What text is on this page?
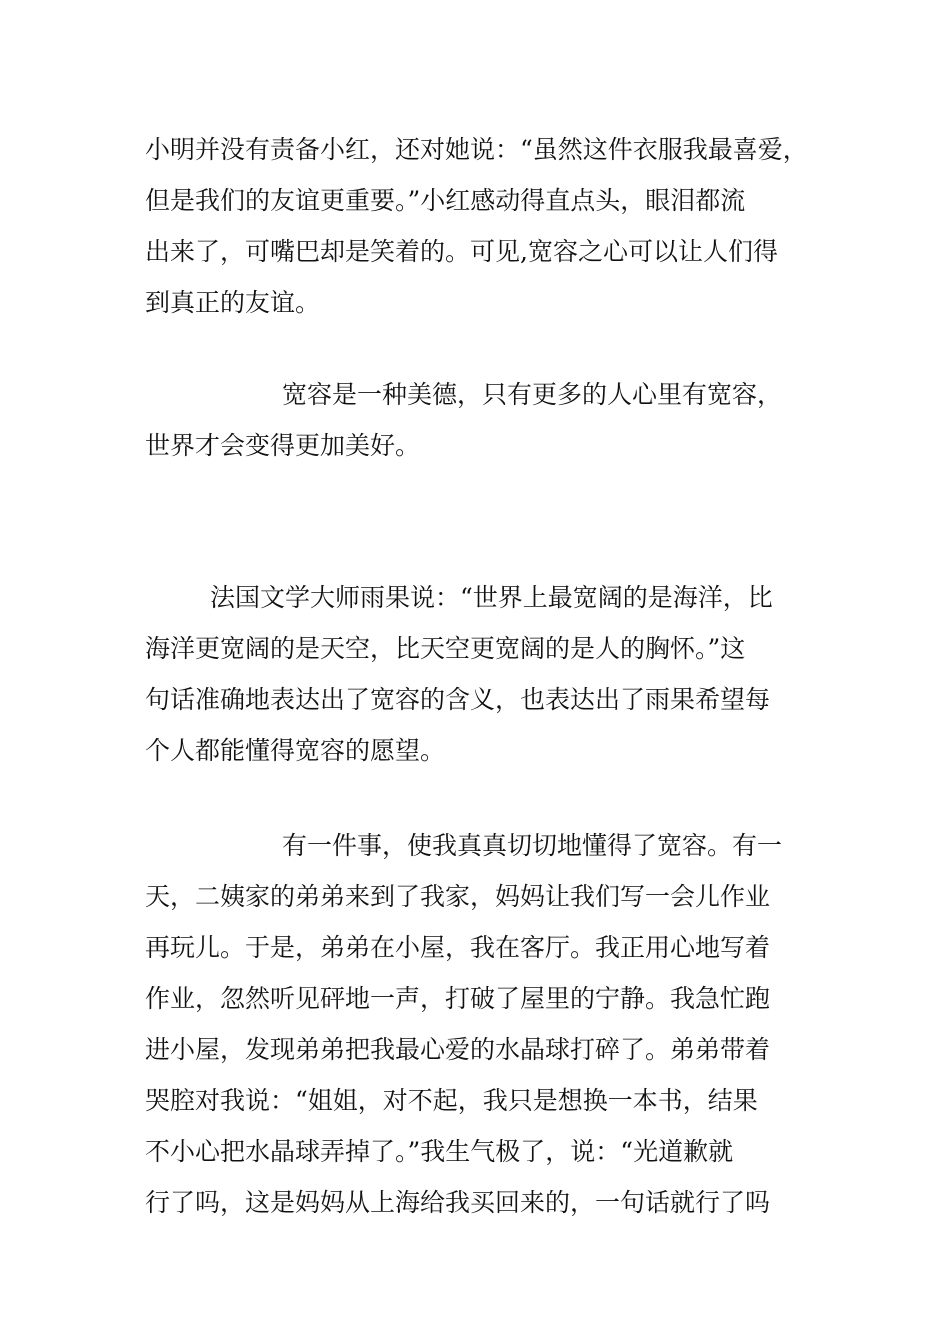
小明并没有责备小红，还对她说：“虽然这件衣服我最喜爱，
但是我们的友谊更重要。”小红感动得直点头，眼泪都流
出来了，可嘴巴却是笑着的。可见,宽容之心可以让人们得
到真正的友谊。
宽容是一种美德，只有更多的人心里有宽容，
世界才会变得更加美好。
法国文学大师雨果说：“世界上最宽阔的是海洋，比
海洋更宽阔的是天空，比天空更宽阔的是人的胸怀。”这
句话准确地表达出了宽容的含义，也表达出了雨果希望每
个人都能懂得宽容的愿望。
有一件事，使我真真切切地懂得了宽容。有一
天，二姨家的弟弟来到了我家，妈妈让我们写一会儿作业
再玩儿。于是，弟弟在小屋，我在客厅。我正用心地写着
作业，忽然听见砰地一声，打破了屋里的宁静。我急忙跑
进小屋，发现弟弟把我最心爱的水晶球打碎了。弟弟带着
哭腔对我说：“姐姐，对不起，我只是想换一本书，结果
不小心把水晶球弄掉了。”我生气极了，说：“光道歉就
行了吗，这是妈妈从上海给我买回来的，一句话就行了吗
